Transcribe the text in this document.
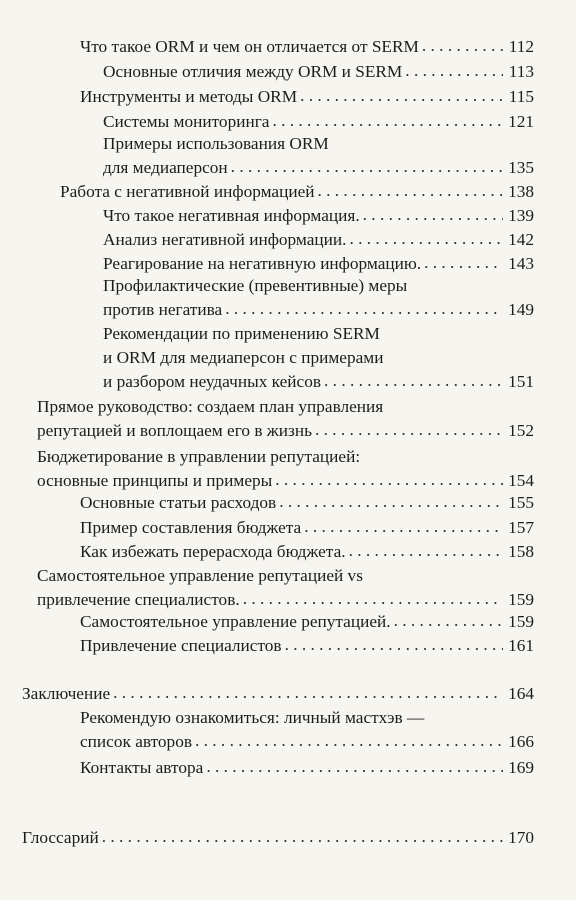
Что такое ORM и чем он отличается от SERM . . .	112
Основные отличия между ORM и SERM . . .	113
Инструменты и методы ORM . . .	115
Системы мониторинга . . .	121
Примеры использования ORM
для медиаперсон . . .	135
Работа с негативной информацией . . .	138
Что такое негативная информация. . . .	139
Анализ негативной информации. . . .	142
Реагирование на негативную информацию. . . .	143
Профилактические (превентивные) меры
против негатива . . .	149
Рекомендации по применению SERM
и ORM для медиаперсон с примерами
и разбором неудачных кейсов . . .	151
Прямое руководство: создаем план управления
репутацией и воплощаем его в жизнь . . .	152
Бюджетирование в управлении репутацией:
основные принципы и примеры . . .	154
Основные статьи расходов . . .	155
Пример составления бюджета . . .	157
Как избежать перерасхода бюджета. . . .	158
Самостоятельное управление репутацией vs
привлечение специалистов. . . .	159
Самостоятельное управление репутацией. . . .	159
Привлечение специалистов . . .	161
Заключение . . .	164
Рекомендую ознакомиться: личный мастхэв —
список авторов . . .	166
Контакты автора . . .	169
Глоссарий . . .	170
